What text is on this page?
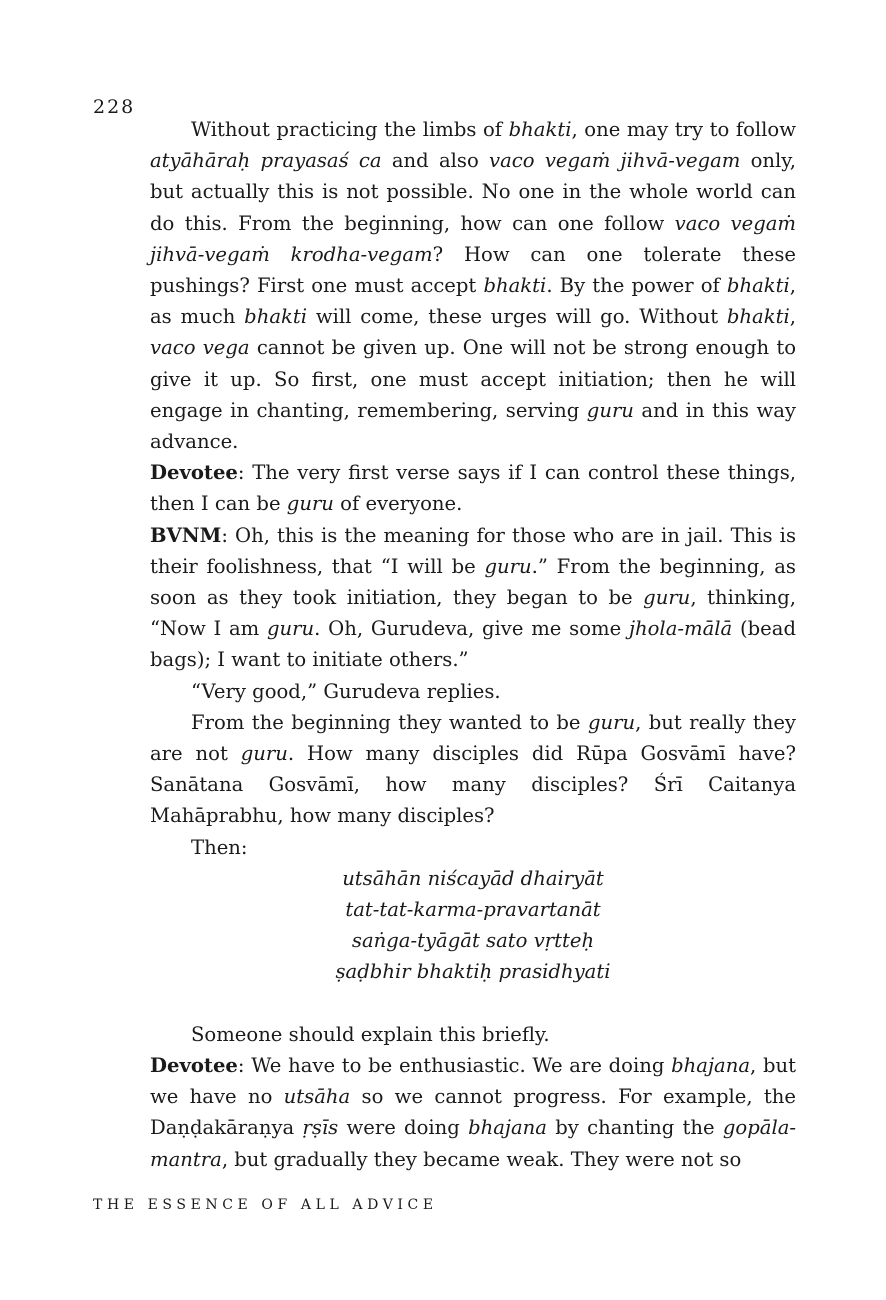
228

Without practicing the limbs of bhakti, one may try to follow atyāhāraḥ prayasaś ca and also vaco vegaṁ jihvā-vegam only, but actually this is not possible. No one in the whole world can do this. From the beginning, how can one follow vaco vegaṁ jihvā-vegaṁ krodha-vegam? How can one tolerate these pushings? First one must accept bhakti. By the power of bhakti, as much bhakti will come, these urges will go. Without bhakti, vaco vega cannot be given up. One will not be strong enough to give it up. So first, one must accept initiation; then he will engage in chanting, remembering, serving guru and in this way advance.

Devotee: The very first verse says if I can control these things, then I can be guru of everyone.

BVNM: Oh, this is the meaning for those who are in jail. This is their foolishness, that “I will be guru.” From the beginning, as soon as they took initiation, they began to be guru, thinking, “Now I am guru. Oh, Gurudeva, give me some jhola-mālā (bead bags); I want to initiate others.”

“Very good,” Gurudeva replies.

From the beginning they wanted to be guru, but really they are not guru. How many disciples did Rūpa Gosvāmī have? Sanātana Gosvāmī, how many disciples? Śrī Caitanya Mahāprabhu, how many disciples?

Then:

utsāhān niścayād dhairyāt
tat-tat-karma-pravartanāt
saṅga-tyāgāt sato vṛtteḥ
ṣaḍbhir bhaktiḥ prasidhyati

Someone should explain this briefly.

Devotee: We have to be enthusiastic. We are doing bhajana, but we have no utsāha so we cannot progress. For example, the Daṇḍakāraṇya ṛṣīs were doing bhajana by chanting the gopāla-mantra, but gradually they became weak. They were not so

THE ESSENCE OF ALL ADVICE
